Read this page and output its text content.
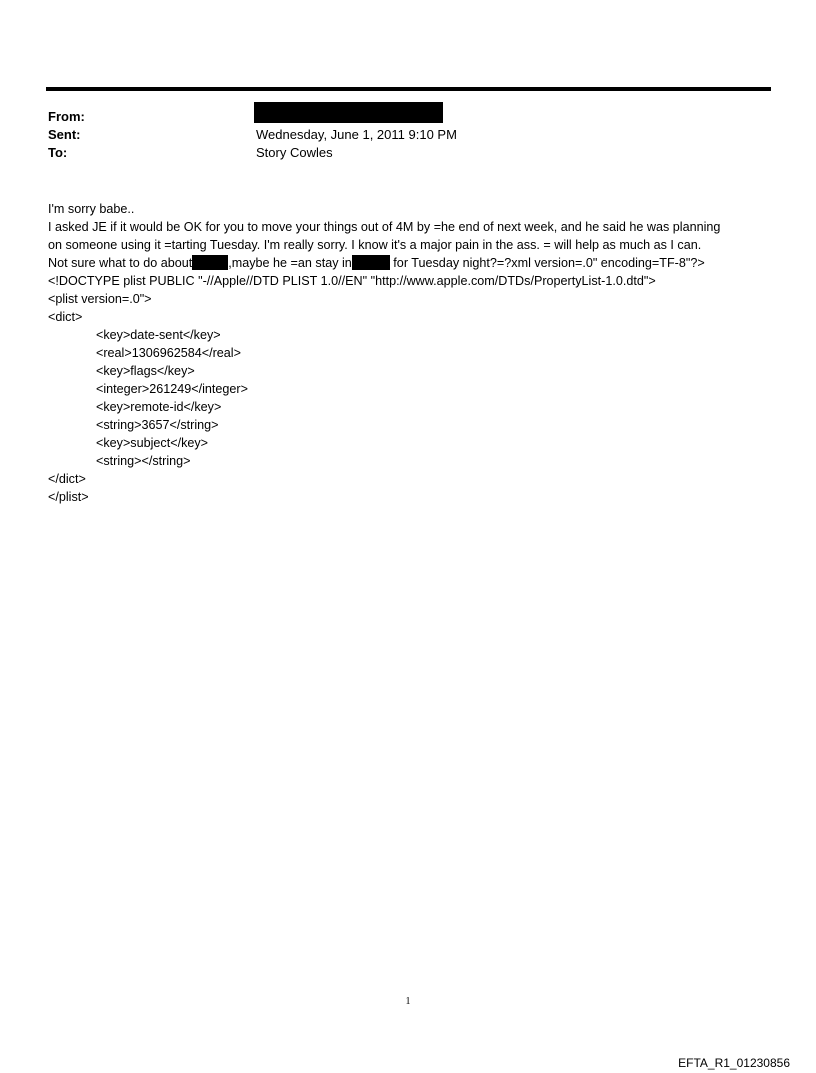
From:
Sent:	Wednesday, June 1, 2011 9:10 PM
To:	Story Cowles
I'm sorry babe..
I asked JE if it would be OK for you to move your things out of 4M by =he end of next week, and he said he was planning
on someone using it =tarting Tuesday. I'm really sorry. I know it's a major pain in the ass. = will help as much as I can.
Not sure what to do about	,maybe he =an stay in	for Tuesday night?=?xml version=.0" encoding=TF-8"?>
<!DOCTYPE plist PUBLIC "-//Apple//DTD PLIST 1.0//EN" "http://www.apple.com/DTDs/PropertyList-1.0.dtd">
<plist version=.0">
<dict>
<key>date-sent</key>
<real>1306962584</real>
<key>flags</key>
<integer>261249</integer>
<key>remote-id</key>
<string>3657</string>
<key>subject</key>
<string></string>
</dict>
</plist>
1
EFTA_R1_01230856
